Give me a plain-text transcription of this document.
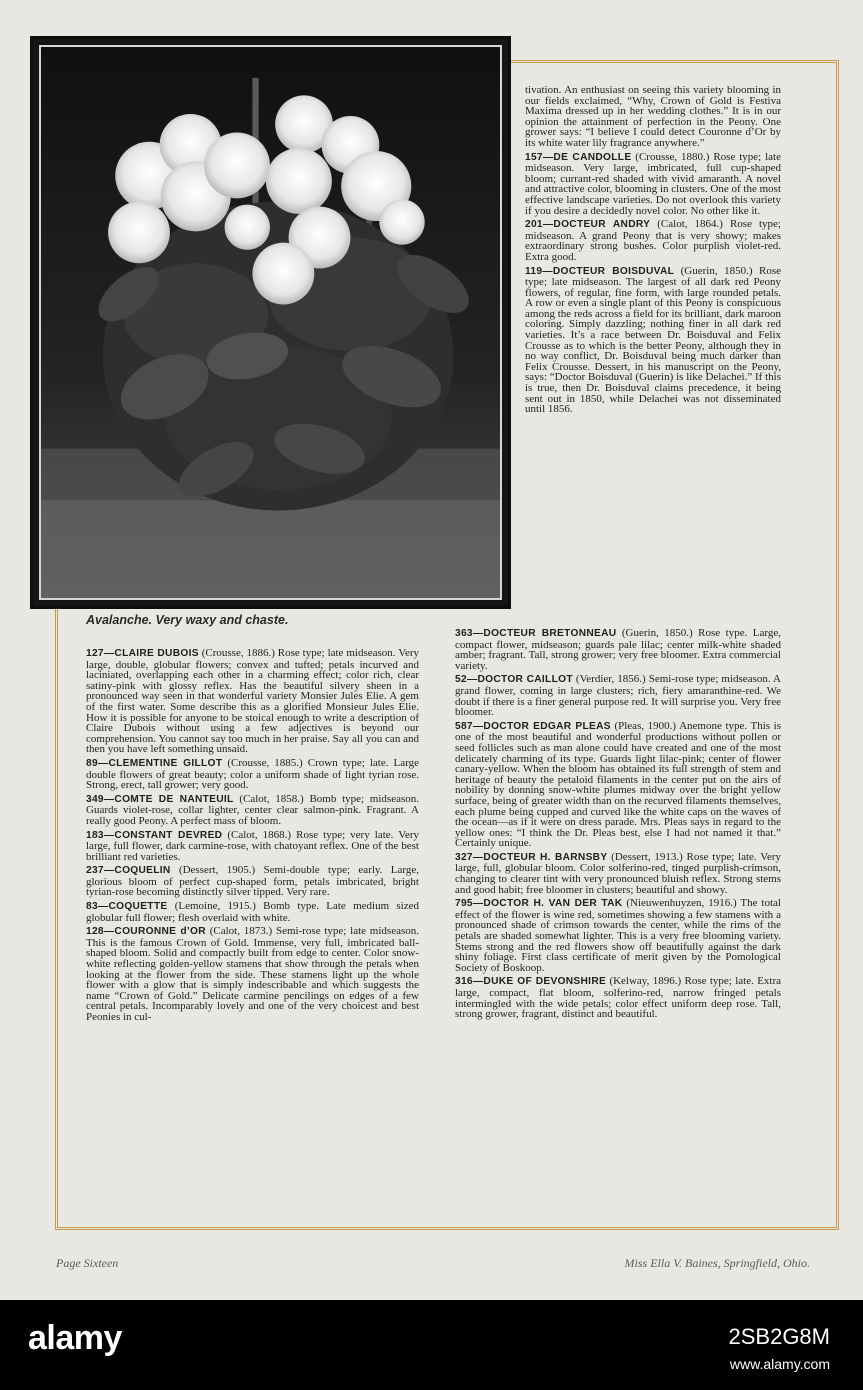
Avalanche. Very waxy and chaste.

tivation. An enthusiast on seeing this variety blooming in our fields exclaimed, “Why, Crown of Gold is Festiva Maxima dressed up in her wedding clothes.” It is in our opinion the attainment of perfection in the Peony. One grower says: “I believe I could detect Couronne d’Or by its white water lily fragrance anywhere.”

157—DE CANDOLLE (Crousse, 1880.) Rose type; late midseason. Very large, imbricated, full cup-shaped bloom; currant-red shaded with vivid amaranth. A novel and attractive color, blooming in clusters. One of the most effective landscape varieties. Do not overlook this variety if you desire a decidedly novel color. No other like it.
201—DOCTEUR ANDRY (Calot, 1864.) Rose type; midseason. A grand Peony that is very showy; makes extraordinary strong bushes. Color purplish violet-red. Extra good.
119—DOCTEUR BOISDUVAL (Guerin, 1850.) Rose type; late midseason. The largest of all dark red Peony flowers, of regular, fine form, with large rounded petals. A row or even a single plant of this Peony is conspicuous among the reds across a field for its brilliant, dark maroon coloring. Simply dazzling; nothing finer in all dark red varieties. It’s a race between Dr. Boisduval and Felix Crousse as to which is the better Peony, although they in no way conflict, Dr. Boisduval being much darker than Felix Crousse. Dessert, in his manuscript on the Peony, says: “Doctor Boisduval (Guerin) is like Delachei.” If this is true, then Dr. Boisduval claims precedence, it being sent out in 1850, while Delachei was not disseminated until 1856.
127—CLAIRE DUBOIS (Crousse, 1886.) Rose type; late midseason. Very large, double, globular flowers; convex and tufted; petals incurved and laciniated, overlapping each other in a charming effect; color rich, clear satiny-pink with glossy reflex. Has the beautiful silvery sheen in a pronounced way seen in that wonderful variety Monsier Jules Elie. A gem of the first water. Some describe this as a glorified Monsieur Jules Elie. How it is possible for anyone to be stoical enough to write a description of Claire Dubois without using a few adjectives is beyond our comprehension. You cannot say too much in her praise. Say all you can and then you have left something unsaid.
89—CLEMENTINE GILLOT (Crousse, 1885.) Crown type; late. Large double flowers of great beauty; color a uniform shade of light tyrian rose. Strong, erect, tall grower; very good.
349—COMTE DE NANTEUIL (Calot, 1858.) Bomb type; midseason. Guards violet-rose, collar lighter, center clear salmon-pink. Fragrant. A really good Peony. A perfect mass of bloom.
183—CONSTANT DEVRED (Calot, 1868.) Rose type; very late. Very large, full flower, dark carmine-rose, with chatoyant reflex. One of the best brilliant red varieties.
237—COQUELIN (Dessert, 1905.) Semi-double type; early. Large, glorious bloom of perfect cup-shaped form, petals imbricated, bright tyrian-rose becoming distinctly silver tipped. Very rare.
83—COQUETTE (Lemoine, 1915.) Bomb type. Late medium sized globular full flower; flesh overlaid with white.
128—COURONNE d’OR (Calot, 1873.) Semi-rose type; late midseason. This is the famous Crown of Gold. Immense, very full, imbricated ball-shaped bloom. Solid and compactly built from edge to center. Color snow-white reflecting golden-yellow stamens that show through the petals when looking at the flower from the side. These stamens light up the whole flower with a glow that is simply indescribable and which suggests the name “Crown of Gold.” Delicate carmine pencilings on edges of a few central petals. Incomparably lovely and one of the very choicest and best Peonies in cul-
363—DOCTEUR BRETONNEAU (Guerin, 1850.) Rose type. Large, compact flower, midseason; guards pale lilac; center milk-white shaded amber; fragrant. Tall, strong grower; very free bloomer. Extra commercial variety.
52—DOCTOR CAILLOT (Verdier, 1856.) Semi-rose type; midseason. A grand flower, coming in large clusters; rich, fiery amaranthine-red. We doubt if there is a finer general purpose red. It will surprise you. Very free bloomer.
587—DOCTOR EDGAR PLEAS (Pleas, 1900.) Anemone type. This is one of the most beautiful and wonderful productions without pollen or seed follicles such as man alone could have created and one of the most delicately charming of its type. Guards light lilac-pink; center of flower canary-yellow. When the bloom has obtained its full strength of stem and heritage of beauty the petaloid filaments in the center put on the airs of nobility by donning snow-white plumes midway over the bright yellow surface, being of greater width than on the recurved filaments themselves, each plume being cupped and curved like the white caps on the waves of the ocean—as if it were on dress parade. Mrs. Pleas says in regard to the yellow ones: “I think the Dr. Pleas best, else I had not named it that.” Certainly unique.
327—DOCTEUR H. BARNSBY (Dessert, 1913.) Rose type; late. Very large, full, globular bloom. Color solferino-red, tinged purplish-crimson, changing to clearer tint with very pronounced bluish reflex. Strong stems and good habit; free bloomer in clusters; beautiful and showy.
795—DOCTOR H. VAN DER TAK (Nieuwenhuyzen, 1916.) The total effect of the flower is wine red, sometimes showing a few stamens with a pronounced shade of crimson towards the center, while the rims of the petals are shaded somewhat lighter. This is a very free blooming variety. Stems strong and the red flowers show off beautifully against the dark shiny foliage. First class certificate of merit given by the Pomological Society of Boskoop.
316—DUKE OF DEVONSHIRE (Kelway, 1896.) Rose type; late. Extra large, compact, flat bloom, solferino-red, narrow fringed petals intermingled with the wide petals; color effect uniform deep rose. Tall, strong grower, fragrant, distinct and beautiful.
Page Sixteen	Miss Ella V. Baines, Springfield, Ohio.
alamy	2SB2G8M
www.alamy.com
